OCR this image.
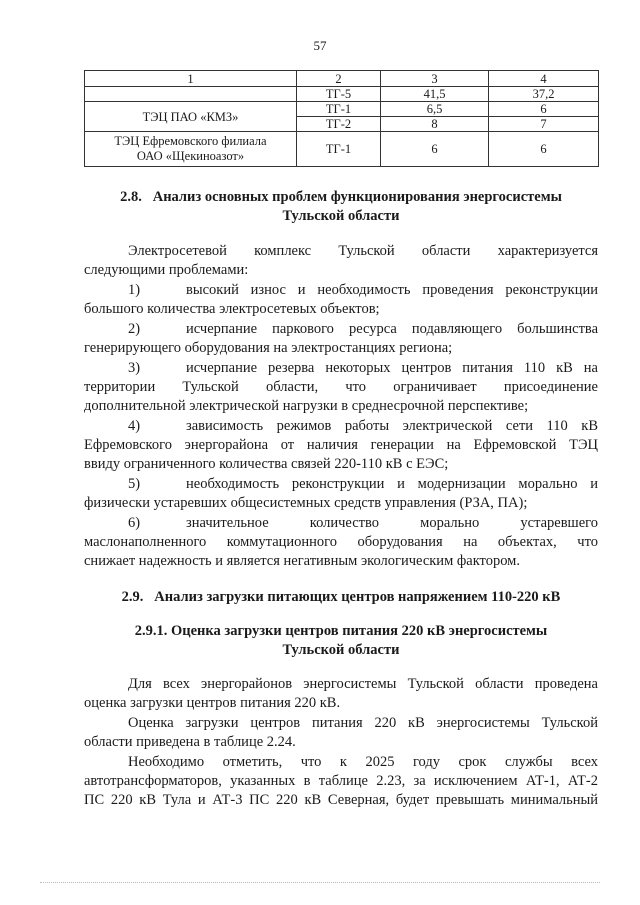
57
1	2	3	4
	ТГ-5	41,5	37,2
ТЭЦ ПАО «КМЗ»	ТГ-1	6,5	6
	ТГ-2	8	7

ТЭЦ Ефремовского филиала
ОАО «Щекиноазот»	ТГ-1	6	6
2.8. Анализ основных проблем функционирования энергосистемы
Тульской области
Электросетевой комплекс Тульской области характеризуется
следующими проблемами:
1)	высокий износ и необходимость проведения реконструкции
большого количества электросетевых объектов;
2)	исчерпание паркового ресурса подавляющего большинства
генерирующего оборудования на электростанциях региона;
3)	исчерпание резерва некоторых центров питания 110 кВ на
территории Тульской области, что ограничивает присоединение
дополнительной электрической нагрузки в среднесрочной перспективе;
4)	зависимость режимов работы электрической сети 110 кВ
Ефремовского энергорайона от наличия генерации на Ефремовской ТЭЦ
ввиду ограниченного количества связей 220-110 кВ с ЕЭС;
5)	необходимость реконструкции и модернизации морально и
физически устаревших общесистемных средств управления (РЗА, ПА);
6)	значительное количество морально устаревшего
маслонаполненного коммутационного оборудования на объектах, что
снижает надежность и является негативным экологическим фактором.
2.9. Анализ загрузки питающих центров напряжением 110-220 кВ
2.9.1. Оценка загрузки центров питания 220 кВ энергосистемы
Тульской области
Для всех энергорайонов энергосистемы Тульской области проведена
оценка загрузки центров питания 220 кВ.
Оценка загрузки центров питания 220 кВ энергосистемы Тульской
области приведена в таблице 2.24.
Необходимо отметить, что к 2025 году срок службы всех
автотрансформаторов, указанных в таблице 2.23, за исключением АТ-1, АТ-2
ПС 220 кВ Тула и АТ-3 ПС 220 кВ Северная, будет превышать минимальный
